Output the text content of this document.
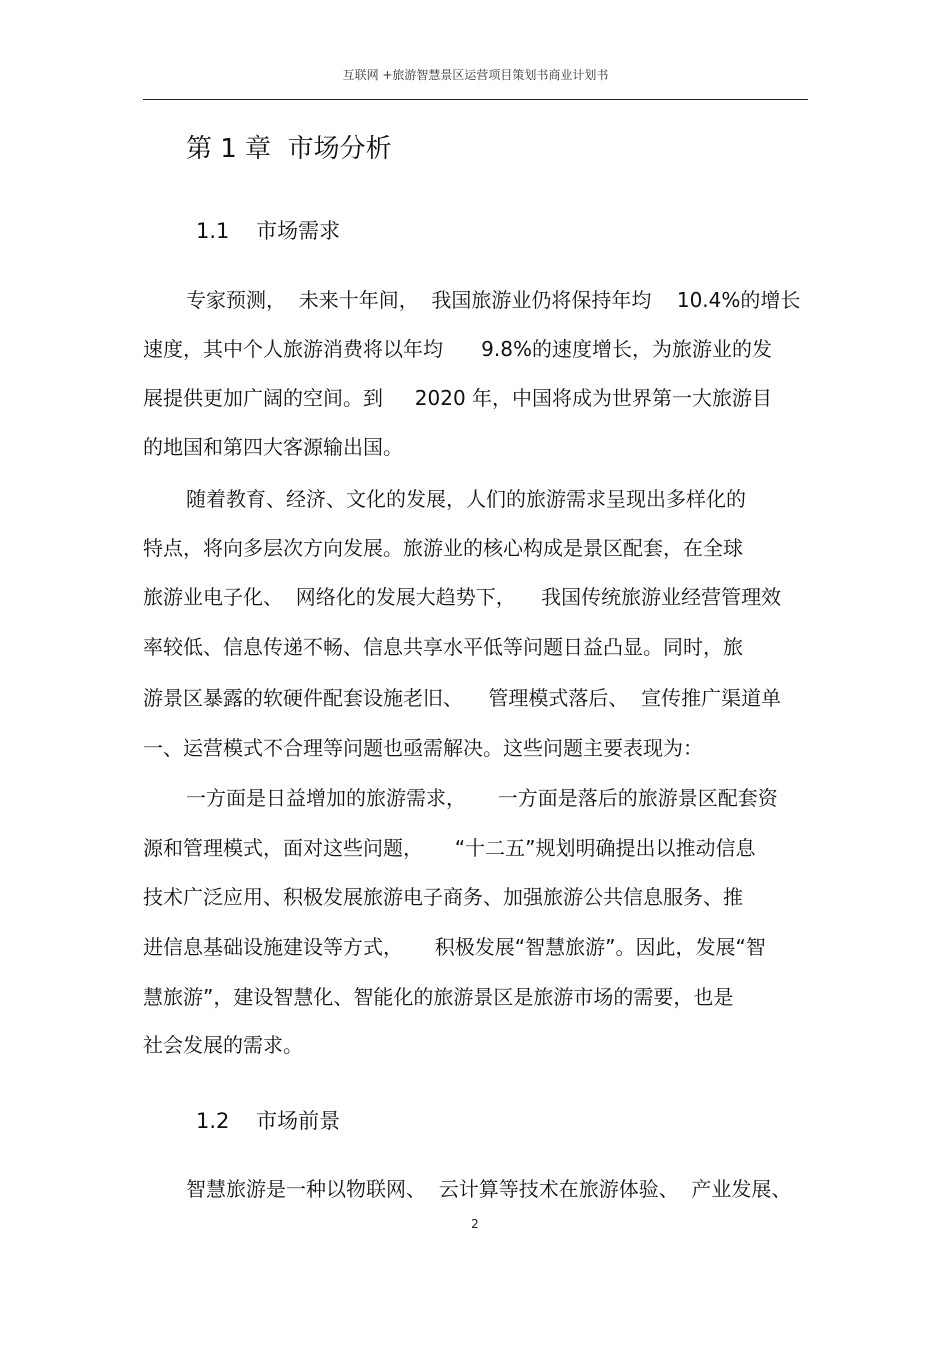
互联网 +旅游智慧景区运营项目策划书商业计划书
第 1 章  市场分析
1.1    市场需求
专家预测，  未来十年间，  我国旅游业仍将保持年均    10.4%的增长
速度，其中个人旅游消费将以年均      9.8%的速度增长，为旅游业的发
展提供更加广阔的空间。到     2020 年，中国将成为世界第一大旅游目
的地国和第四大客源输出国。
随着教育、经济、文化的发展，人们的旅游需求呈现出多样化的
特点，将向多层次方向发展。旅游业的核心构成是景区配套，在全球
旅游业电子化、  网络化的发展大趋势下，    我国传统旅游业经营管理效
率较低、信息传递不畅、信息共享水平低等问题日益凸显。同时，旅
游景区暴露的软硬件配套设施老旧、    管理模式落后、  宣传推广渠道单
一、运营模式不合理等问题也亟需解决。这些问题主要表现为：
一方面是日益增加的旅游需求，     一方面是落后的旅游景区配套资
源和管理模式，面对这些问题，     “十二五”规划明确提出以推动信息
技术广泛应用、积极发展旅游电子商务、加强旅游公共信息服务、推
进信息基础设施建设等方式，     积极发展“智慧旅游”。因此，发展“智
慧旅游”，建设智慧化、智能化的旅游景区是旅游市场的需要，也是
社会发展的需求。
1.2    市场前景
智慧旅游是一种以物联网、  云计算等技术在旅游体验、  产业发展、
2
